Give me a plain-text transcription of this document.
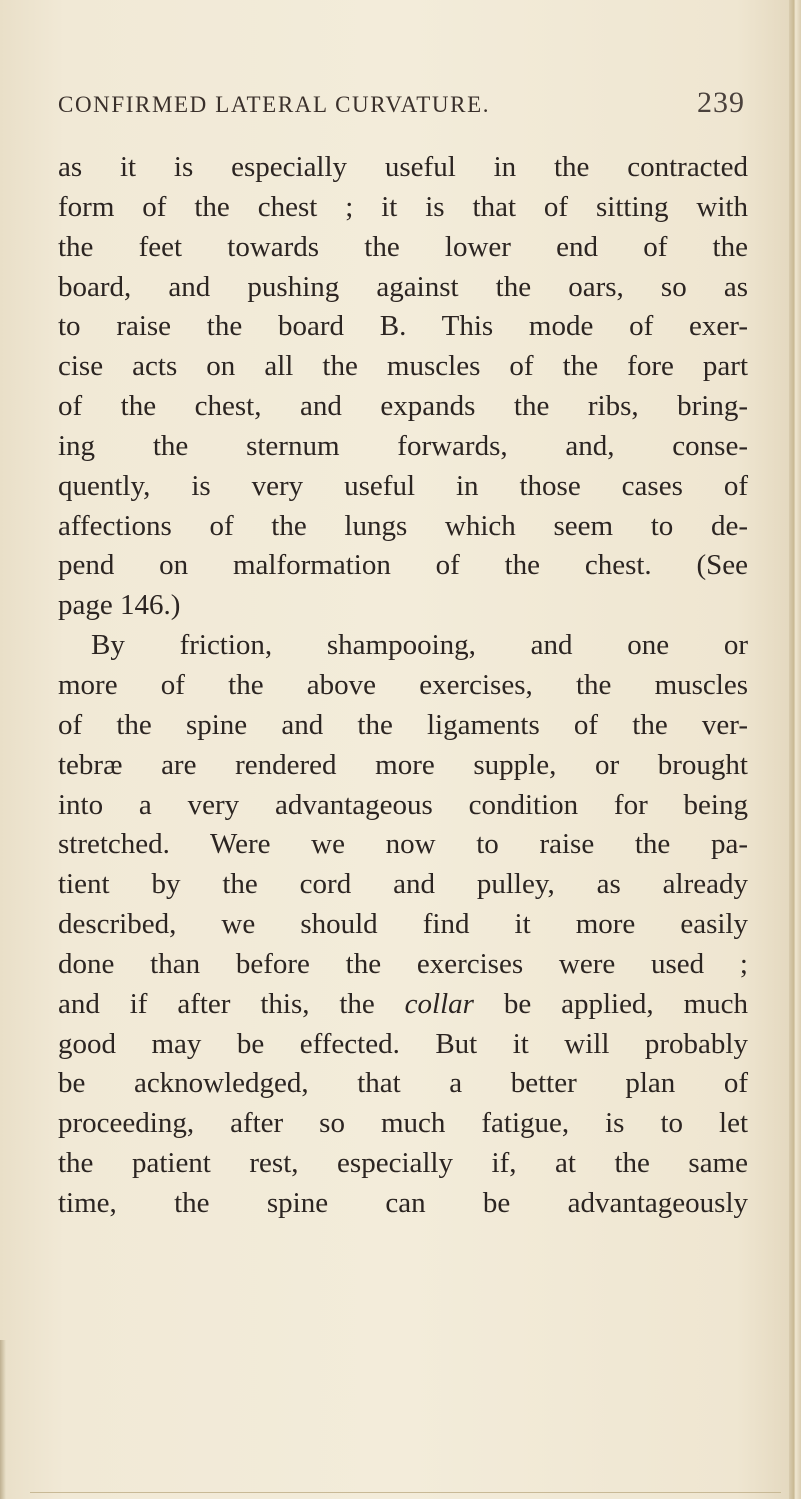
CONFIRMED LATERAL CURVATURE.	239
as it is especially useful in the contracted
form of the chest ; it is that of sitting with
the feet towards the lower end of the
board, and pushing against the oars, so as
to raise the board B. This mode of exer-
cise acts on all the muscles of the fore part
of the chest, and expands the ribs, bring-
ing the sternum forwards, and, conse-
quently, is very useful in those cases of
affections of the lungs which seem to de-
pend on malformation of the chest. (See
page 146.)
By friction, shampooing, and one or
more of the above exercises, the muscles
of the spine and the ligaments of the ver-
tebræ are rendered more supple, or brought
into a very advantageous condition for being
stretched. Were we now to raise the pa-
tient by the cord and pulley, as already
described, we should find it more easily
done than before the exercises were used ;
and if after this, the collar be applied, much
good may be effected. But it will probably
be acknowledged, that a better plan of
proceeding, after so much fatigue, is to let
the patient rest, especially if, at the same
time, the spine can be advantageously
